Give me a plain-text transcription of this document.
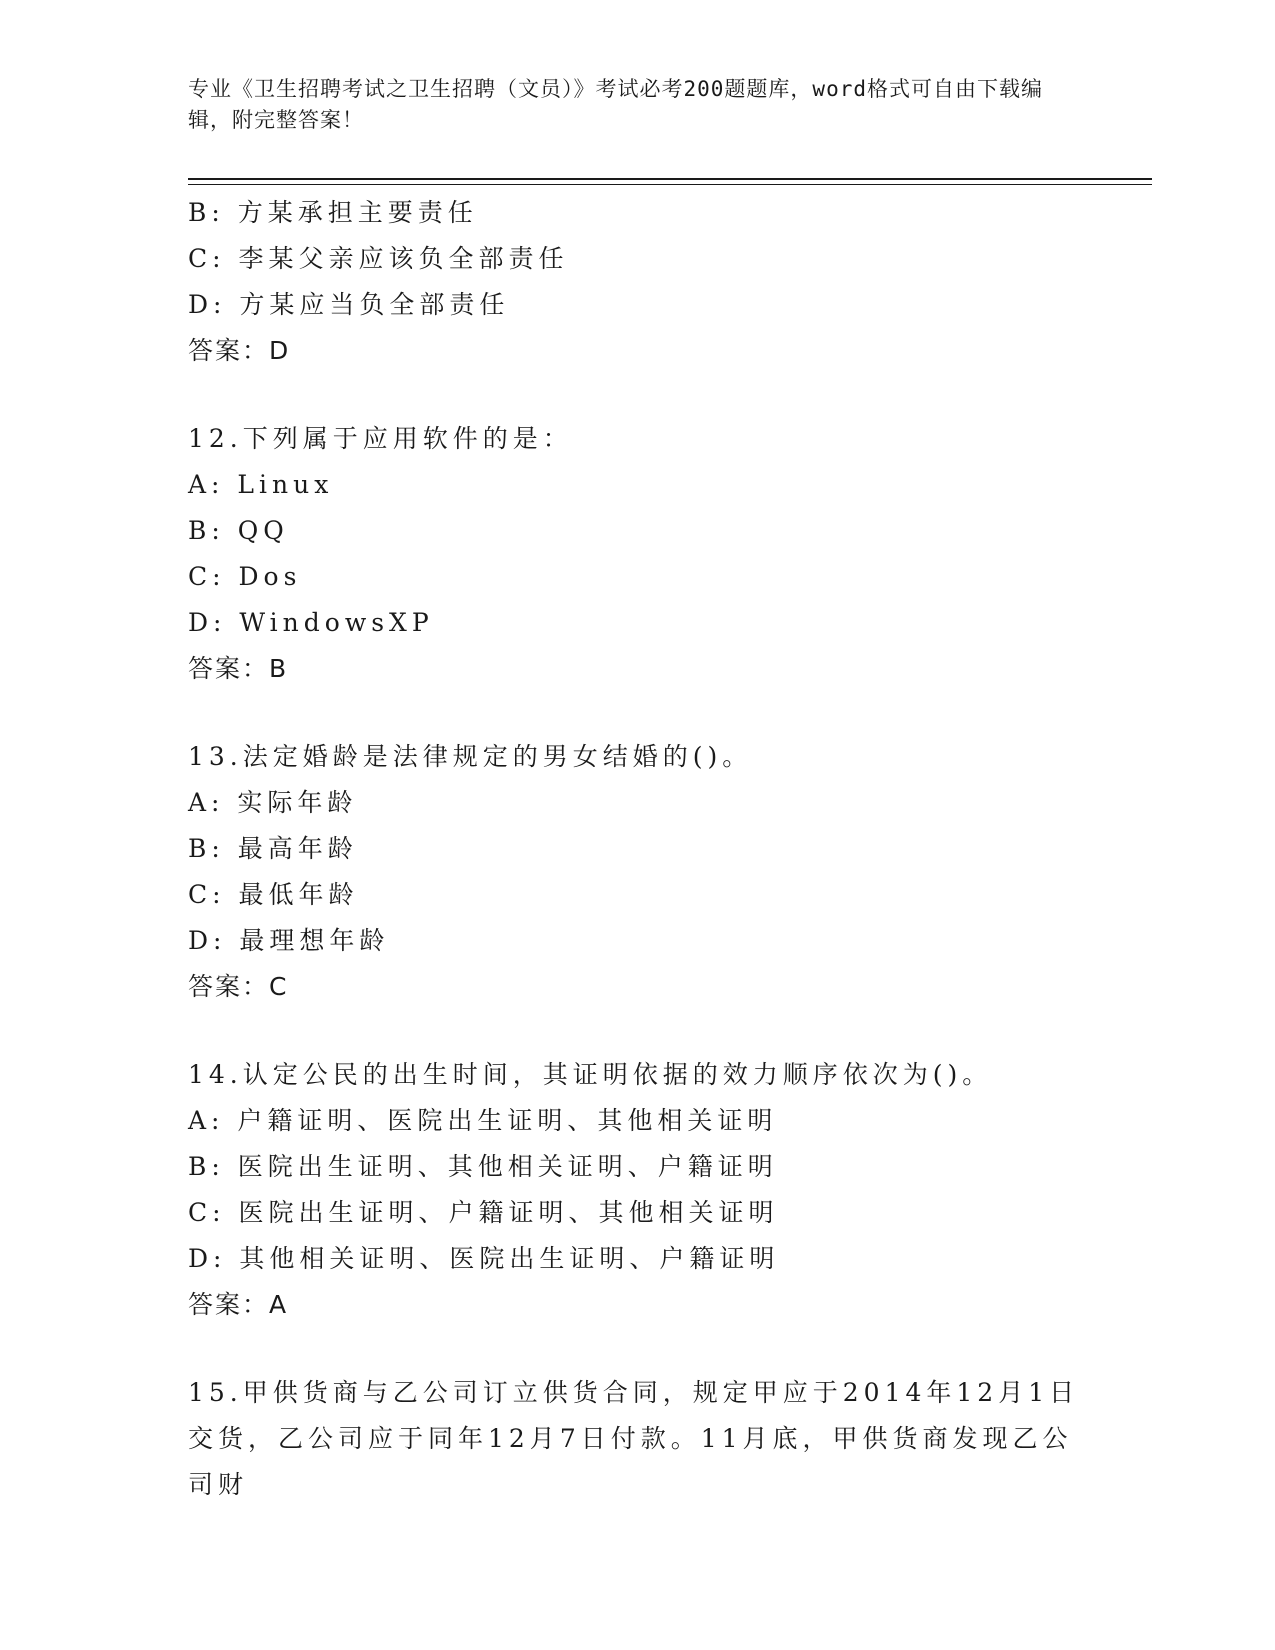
专业《卫生招聘考试之卫生招聘（文员）》考试必考200题题库，word格式可自由下载编辑，附完整答案！
B: 方某承担主要责任
C: 李某父亲应该负全部责任
D: 方某应当负全部责任
答案：D
12.下列属于应用软件的是：
A: Linux
B: QQ
C: Dos
D: WindowsXP
答案：B
13.法定婚龄是法律规定的男女结婚的()。
A: 实际年龄
B: 最高年龄
C: 最低年龄
D: 最理想年龄
答案：C
14.认定公民的出生时间，其证明依据的效力顺序依次为()。
A: 户籍证明、医院出生证明、其他相关证明
B: 医院出生证明、其他相关证明、户籍证明
C: 医院出生证明、户籍证明、其他相关证明
D: 其他相关证明、医院出生证明、户籍证明
答案：A
15.甲供货商与乙公司订立供货合同，规定甲应于2014年12月1日交货，乙公司应于同年12月7日付款。11月底，甲供货商发现乙公司财
